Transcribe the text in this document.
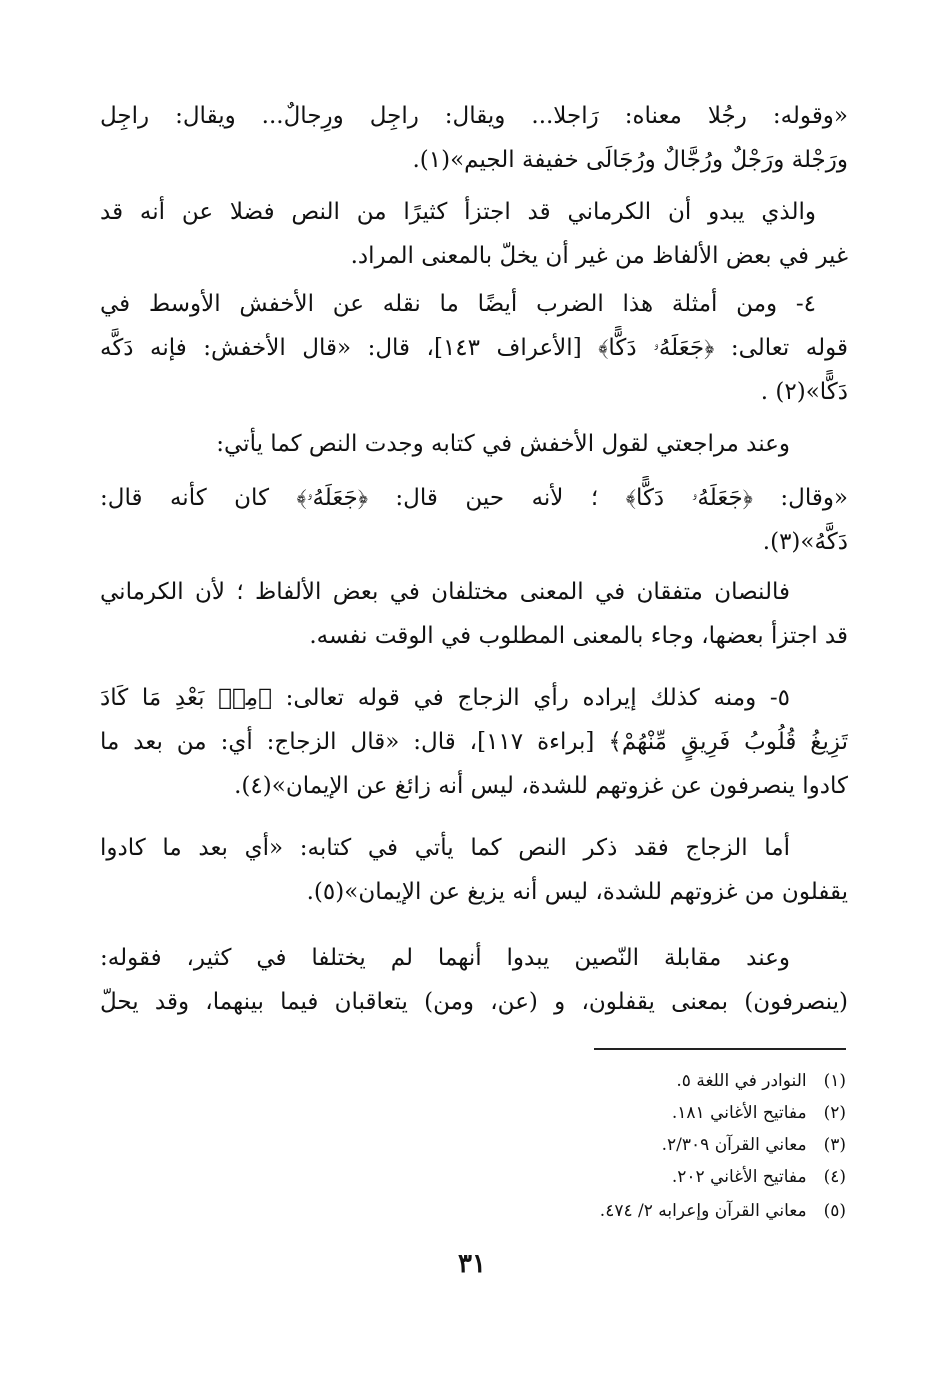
«وقوله: رجُلا معناه: رَاجلا... ويقال: راجِل ورِجالٌ... ويقال: راجِل
ورَجْلة ورَجْلٌ ورُجَّالٌ ورُجَالَى خفيفة الجيم»(١).
والذي يبدو أن الكرماني قد اجتزأ كثيرًا من النص فضلا عن أنه قد
غير في بعض الألفاظ من غير أن يخلّ بالمعنى المراد.
٤- ومن أمثلة هذا الضرب أيضًا ما نقله عن الأخفش الأوسط في
قوله تعالى: ﴿جَعَلَهُۥ دَكًّا﴾ [الأعراف ١٤٣]، قال: «قال الأخفش: فإنه دَكَّه
دَكًّا»(٢) .
وعند مراجعتي لقول الأخفش في كتابه وجدت النص كما يأتي:
«وقال: ﴿جَعَلَهُۥ دَكًّا﴾ ؛ لأنه حين قال: ﴿جَعَلَهُۥ﴾ كان كأنه قال:
دَكَّهُ»(٣).
فالنصان متفقان في المعنى مختلفان في بعض الألفاظ ؛ لأن الكرماني
قد اجتزأ بعضها، وجاء بالمعنى المطلوب في الوقت نفسه.
٥- ومنه كذلك إيراده رأي الزجاج في قوله تعالى: ﴿مِنۢ بَعْدِ مَا كَادَ
تَزِيغُ قُلُوبُ فَرِيقٍ مِّنْهُمْ﴾ [براءة ١١٧]، قال: «قال الزجاج: أي: من بعد ما
كادوا ينصرفون عن غزوتهم للشدة، ليس أنه زائغ عن الإيمان»(٤).
أما الزجاج فقد ذكر النص كما يأتي في كتابه: «أي بعد ما كادوا
يقفلون من غزوتهم للشدة، ليس أنه يزيغ عن الإيمان»(٥).
وعند مقابلة النّصين يبدوا أنهما لم يختلفا في كثير، فقوله:
(ينصرفون) بمعنى يقفلون، و (عن، ومن) يتعاقبان فيما بينهما، وقد يحلّ
(١) النوادر في اللغة ٥.
(٢) مفاتيح الأغاني ١٨١.
(٣) معاني القرآن ٢/٣٠٩.
(٤) مفاتيح الأغاني ٢٠٢.
(٥) معاني القرآن وإعرابه ٢/ ٤٧٤.
٣١
